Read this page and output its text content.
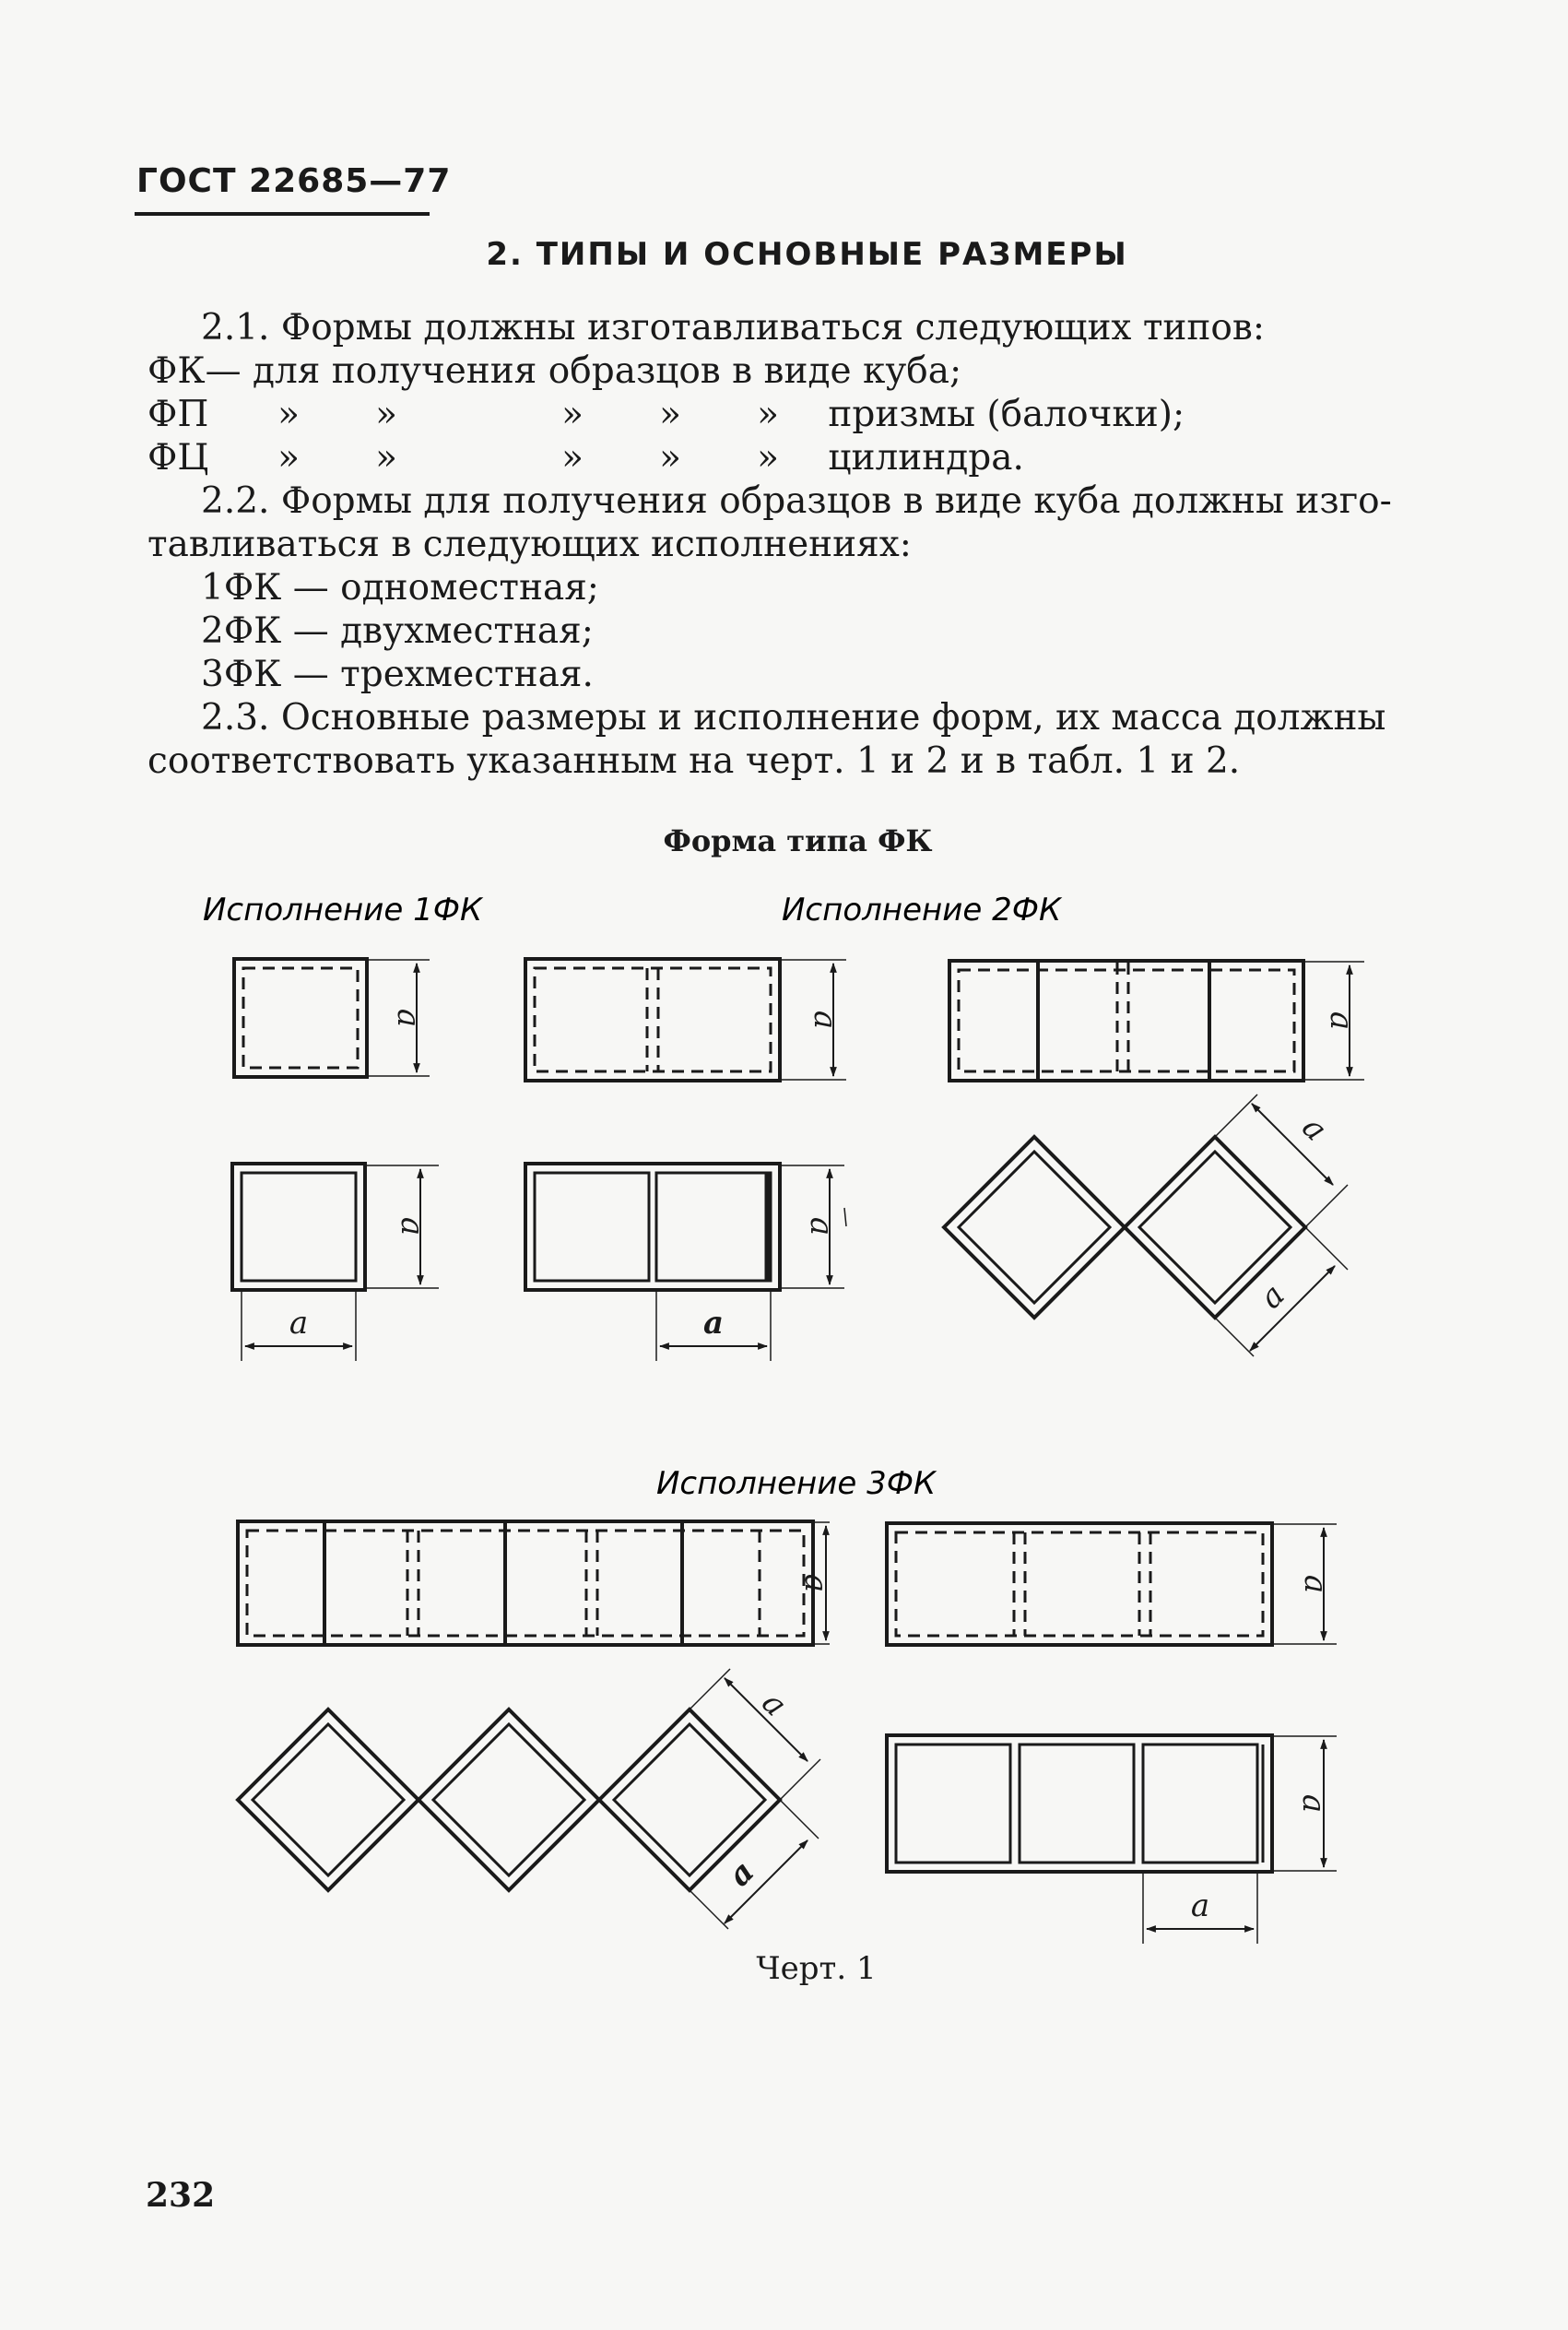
ГОСТ 22685—77
2. ТИПЫ И ОСНОВНЫЕ РАЗМЕРЫ
2.1. Формы должны изготавливаться следующих типов:
ФК— для получения образцов в виде куба;
ФП » »	» » » призмы (балочки);
ФЦ » »	» » » цилиндра.
2.2. Формы для получения образцов в виде куба должны изго-
тавливаться в следующих исполнениях:
1ФК — одноместная;
2ФК — двухместная;
3ФК — трехместная.
2.3. Основные размеры и исполнение форм, их масса должны
соответствовать указанным на черт. 1 и 2 и в табл. 1 и 2.
Форма типа ФК
Исполнение 1ФК	Исполнение 2ФК
Исполнение 3ФК
a
a
a
a	a
a
a
a
a
a	a
a
a
a
a
Черт. 1
232
